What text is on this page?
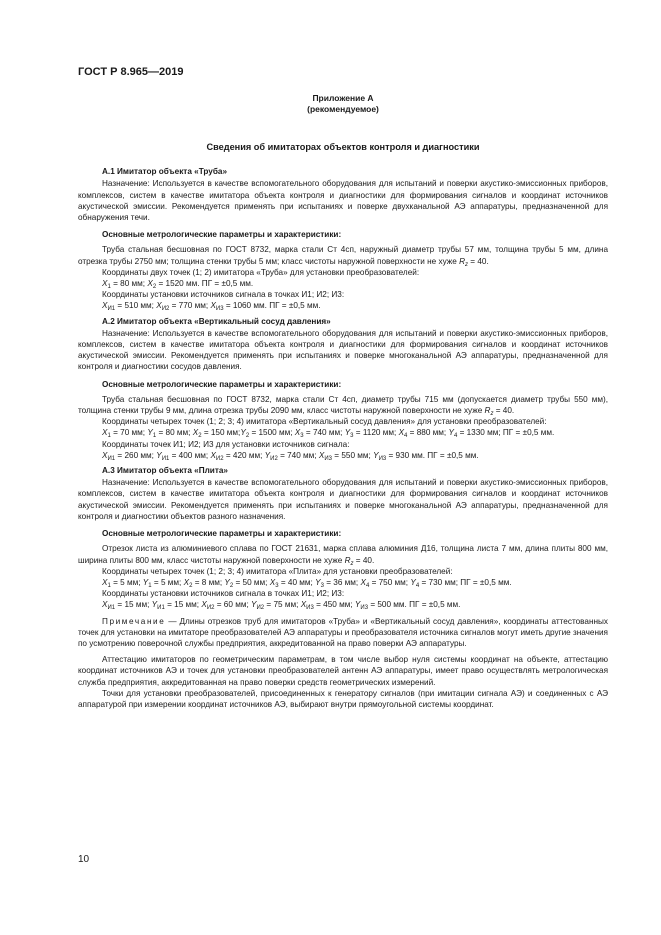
ГОСТ Р 8.965—2019
Приложение А
(рекомендуемое)
Сведения об имитаторах объектов контроля и диагностики
А.1 Имитатор объекта «Труба»

Назначение: Используется в качестве вспомогательного оборудования для испытаний и поверки акустико-эмиссионных приборов, комплексов, систем в качестве имитатора объекта контроля и диагностики для формирования сигналов и координат источников акустической эмиссии. Рекомендуется применять при испытаниях и поверке двухканальной АЭ аппаратуры, предназначенной для обнаружения течи.

Основные метрологические параметры и характеристики:

Труба стальная бесшовная по ГОСТ 8732, марка стали Ст 4сп, наружный диаметр трубы 57 мм, толщина трубы 5 мм, длина отрезка трубы 2750 мм; толщина стенки трубы 5 мм; класс чистоты наружной поверхности не хуже $R_z = 40$.

Координаты двух точек (1; 2) имитатора «Труба» для установки преобразователей:

$X_1 = 80$ мм; $X_2 = 1520$ мм. ПГ = ±0,5 мм.

Координаты установки источников сигнала в точках И1; И2; И3:

$X_{И1} = 510$ мм; $X_{И2} = 770$ мм; $X_{И3} = 1060$ мм. ПГ = ±0,5 мм.

А.2 Имитатор объекта «Вертикальный сосуд давления»

Назначение: Используется в качестве вспомогательного оборудования для испытаний и поверки акустико-эмиссионных приборов, комплексов, систем в качестве имитатора объекта контроля и диагностики для формирования сигналов и координат источников акустической эмиссии. Рекомендуется применять при испытаниях и поверке многоканальной АЭ аппаратуры, предназначенной для контроля и диагностики сосудов давления.

Основные метрологические параметры и характеристики:

Труба стальная бесшовная по ГОСТ 8732, марка стали Ст 4сп, диаметр трубы 715 мм (допускается диаметр трубы 550 мм), толщина стенки трубы 9 мм, длина отрезка трубы 2090 мм, класс чистоты наружной поверхности не хуже $R_z = 40$.

Координаты четырех точек (1; 2; 3; 4) имитатора «Вертикальный сосуд давления» для установки преобразователей:

$X_1 = 70$ мм; $Y_1 = 80$ мм; $X_2 = 150$ $мм;Y_2 = 1500$ мм; $X_3 = 740$ мм; $Y_3 = 1120$ мм; $X_4 = 880$ мм; $Y_4 = 1330$ мм; ПГ = ±0,5 мм.

Координаты точек И1; И2; И3 для установки источников сигнала:

$X_{И1} = 260$ мм; $Y_{И1} = 400$ мм; $X_{И2} = 420$ мм; $Y_{И2} = 740$ мм; $X_{И3} = 550$ мм; $Y_{И3} = 930$ мм. ПГ = ±0,5 мм.

А.3 Имитатор объекта «Плита»

Назначение: Используется в качестве вспомогательного оборудования для испытаний и поверки акустико-эмиссионных приборов, комплексов, систем в качестве имитатора объекта контроля и диагностики для формирования сигналов и координат источников акустической эмиссии. Рекомендуется применять при испытаниях и поверке многоканальной АЭ аппаратуры, предназначенной для контроля и диагностики объектов разного назначения.

Основные метрологические параметры и характеристики:

Отрезок листа из алюминиевого сплава по ГОСТ 21631, марка сплава алюминия Д16, толщина листа 7 мм, длина плиты 800 мм, ширина плиты 800 мм, класс чистоты наружной поверхности не хуже $R_z = 40$.

Координаты четырех точек (1; 2; 3; 4) имитатора «Плита» для установки преобразователей:

$X_1 = 5$ мм; $Y_1 = 5$ мм; $X_2 = 8$ мм; $Y_2 = 50$ мм; $X_3 = 40$ мм; $Y_3 = 36$ мм; $X_4 = 750$ мм; $Y_4 = 730$ мм; ПГ = ±0,5 мм.

Координаты установки источников сигнала в точках И1; И2; И3:

$X_{И1} = 15$ мм; $Y_{И1} = 15$ мм; $X_{И2} = 60$ мм; $Y_{И2} = 75$ мм; $X_{И3} = 450$ мм; $Y_{И3} = 500$ мм. ПГ = ±0,5 мм.

Примечание — Длины отрезков труб для имитаторов «Труба» и «Вертикальный сосуд давления», координаты аттестованных точек для установки на имитаторе преобразователей АЭ аппаратуры и преобразователя источника сигналов могут иметь другие значения по усмотрению поверочной службы предприятия, аккредитованной на право поверки АЭ аппаратуры.

Аттестацию имитаторов по геометрическим параметрам, в том числе выбор нуля системы координат на объекте, аттестацию координат источников АЭ и точек для установки преобразователей антенн АЭ аппаратуры, имеет право осуществлять метрологическая служба предприятия, аккредитованная на право поверки средств геометрических измерений.

Точки для установки преобразователей, присоединенных к генератору сигналов (при имитации сигнала АЭ) и соединенных с АЭ аппаратурой при измерении координат источников АЭ, выбирают внутри прямоугольной системы координат.

10
